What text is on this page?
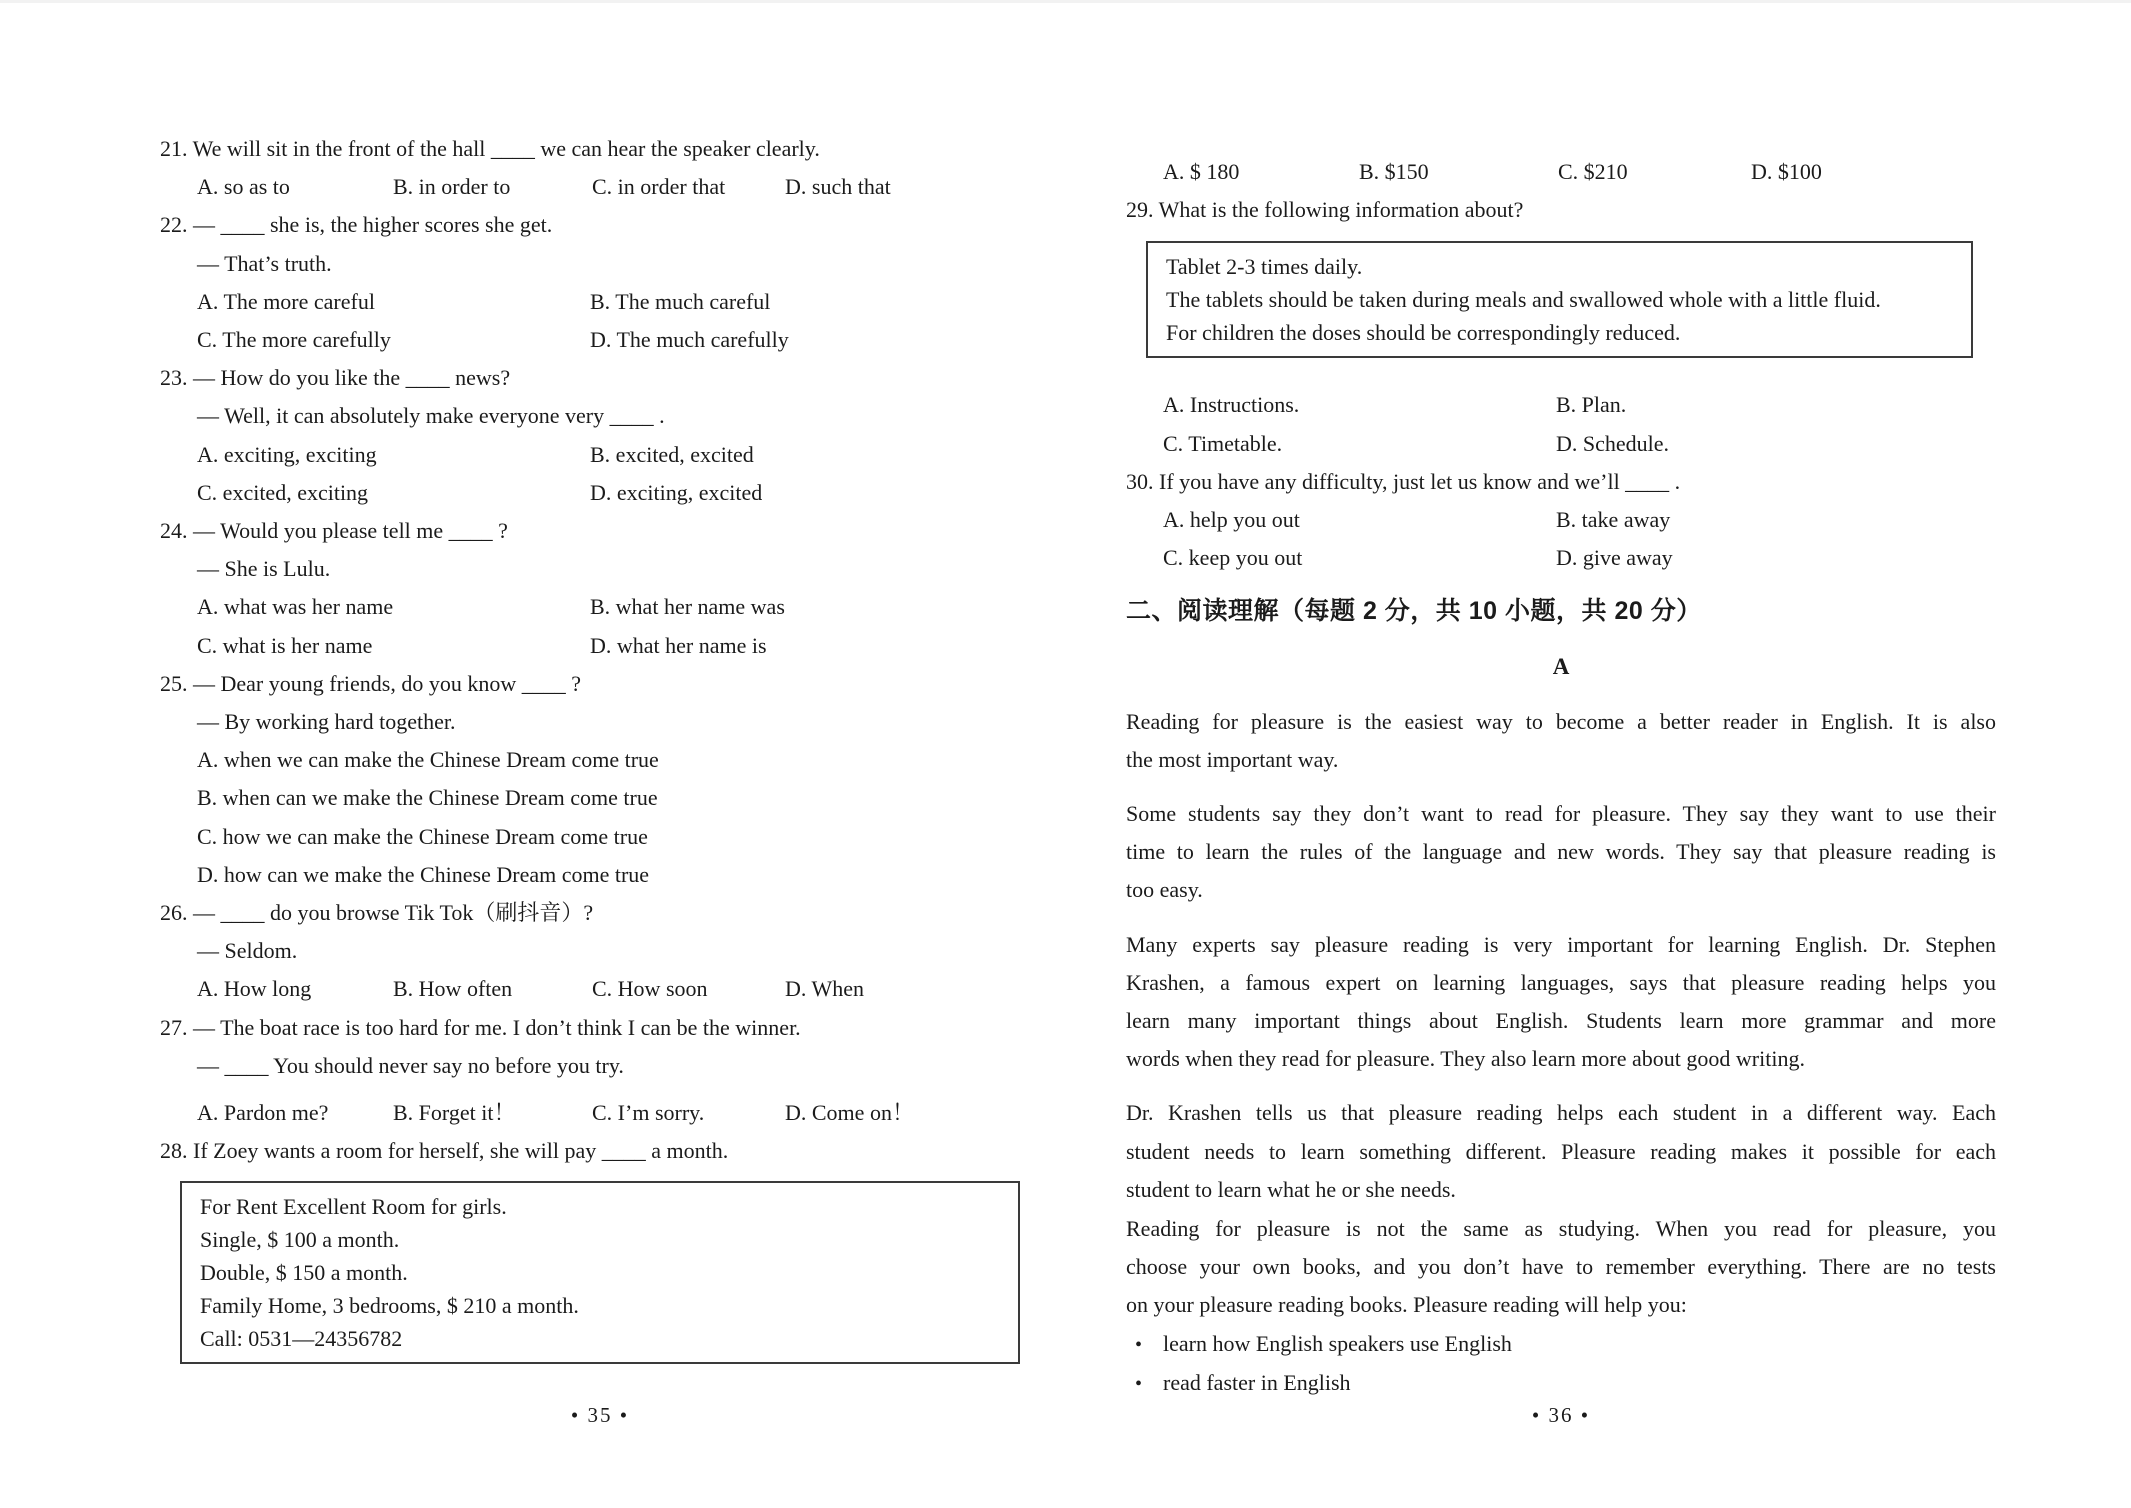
21. We will sit in the front of the hall ____ we can hear the speaker clearly.
A. so as to	B. in order to	C. in order that	D. such that
22. — ____ she is, the higher scores she get.
— That’s truth.
A. The more careful	B. The much careful
C. The more carefully	D. The much carefully
23. — How do you like the ____ news?
— Well, it can absolutely make everyone very ____ .
A. exciting, exciting	B. excited, excited
C. excited, exciting	D. exciting, excited
24. — Would you please tell me ____ ?
— She is Lulu.
A. what was her name	B. what her name was
C. what is her name	D. what her name is
25. — Dear young friends, do you know ____ ?
— By working hard together.
A. when we can make the Chinese Dream come true
B. when can we make the Chinese Dream come true
C. how we can make the Chinese Dream come true
D. how can we make the Chinese Dream come true
26. — ____ do you browse Tik Tok（刷抖音）?
— Seldom.
A. How long	B. How often	C. How soon	D. When
27. — The boat race is too hard for me. I don’t think I can be the winner.
— ____ You should never say no before you try.
A. Pardon me?	B. Forget it！	C. I’m sorry.	D. Come on！
28. If Zoey wants a room for herself, she will pay ____ a month.
For Rent Excellent Room for girls.
Single, $ 100 a month.
Double, $ 150 a month.
Family Home, 3 bedrooms, $ 210 a month.
Call: 0531—24356782
A. $ 180	B. $150	C. $210	D. $100
29. What is the following information about?
Tablet 2-3 times daily.
The tablets should be taken during meals and swallowed whole with a little fluid.
For children the doses should be correspondingly reduced.
A. Instructions.	B. Plan.
C. Timetable.	D. Schedule.
30. If you have any difficulty, just let us know and we’ll ____ .
A. help you out	B. take away
C. keep you out	D. give away
二、阅读理解（每题 2 分，共 10 小题，共 20 分）
A
Reading for pleasure is the easiest way to become a better reader in English. It is also
the most important way.
Some students say they don’t want to read for pleasure. They say they want to use their
time to learn the rules of the language and new words. They say that pleasure reading is
too easy.
Many experts say pleasure reading is very important for learning English. Dr. Stephen
Krashen, a famous expert on learning languages, says that pleasure reading helps you
learn many important things about English. Students learn more grammar and more
words when they read for pleasure. They also learn more about good writing.
Dr. Krashen tells us that pleasure reading helps each student in a different way. Each
student needs to learn something different. Pleasure reading makes it possible for each
student to learn what he or she needs.
Reading for pleasure is not the same as studying. When you read for pleasure, you
choose your own books, and you don’t have to remember everything. There are no tests
on your pleasure reading books. Pleasure reading will help you:
• learn how English speakers use English
• read faster in English
• 35 •	• 36 •
